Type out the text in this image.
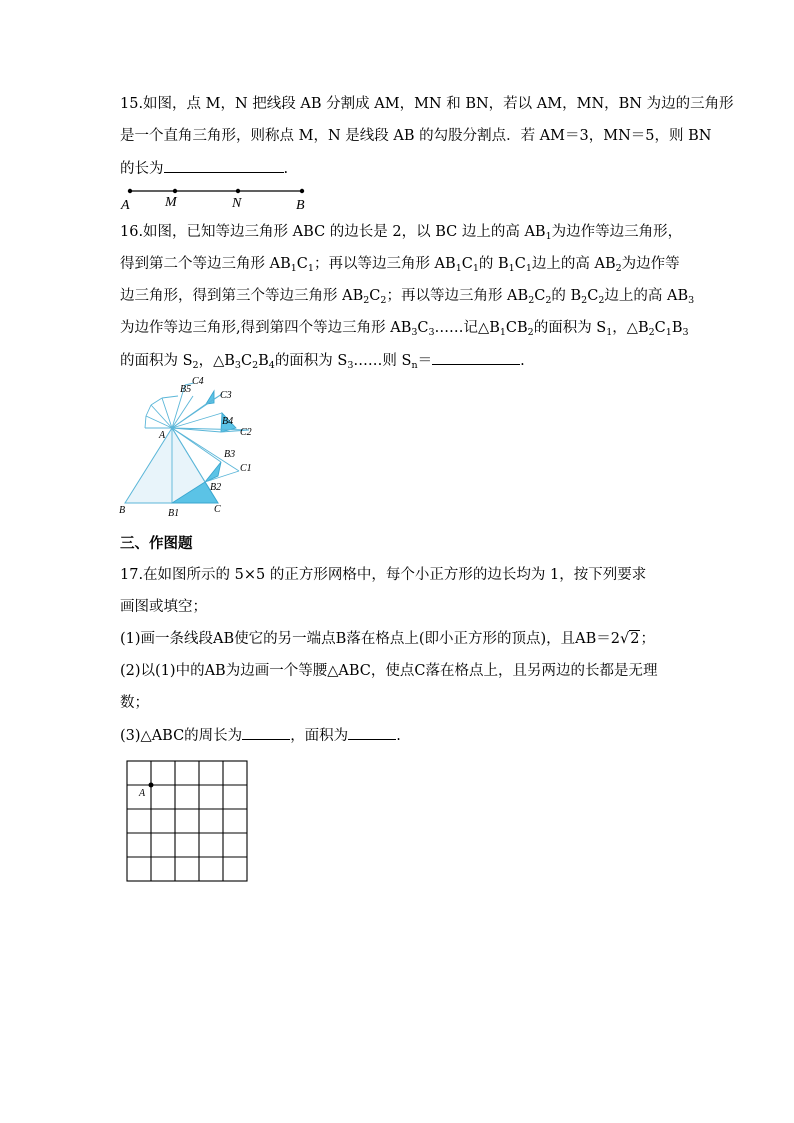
15.如图，点 M，N 把线段 AB 分割成 AM，MN 和 BN，若以 AM，MN，BN 为边的三角形
是一个直角三角形，则称点 M，N 是线段 AB 的勾股分割点．若 AM＝3，MN＝5，则 BN
的长为	.
A	M	N	B
16.如图，已知等边三角形 ABC 的边长是 2，以 BC 边上的高 $AB_1$为边作等边三角形，
得到第二个等边三角形 $AB_1C_1$；再以等边三角形 $AB_1C_1$的 $B_1C_1$边上的高 $AB_2$为边作等
边三角形，得到第三个等边三角形 $AB_2C_2$；再以等边三角形 $AB_2C_2$的 $B_2C_2$边上的高 $AB_3$
为边作等边三角形,得到第四个等边三角形 $AB_3C_3\dots\dots$记$\triangle B_1CB_2$的面积为 $S_1$，$\triangle B_2C_1B_3$
的面积为 $S_2$，$\triangle B_3C_2B_4$的面积为 $S_3\dots\dots$则 $S_n=$	.
B	B1	C
A
B2
C1
B3
C2
B4
C3
B5
C4
三、作图题
17.在如图所示的 5×5 的正方形网格中，每个小正方形的边长均为 1，按下列要求
画图或填空；
(1)画一条线段AB使它的另一端点B落在格点上(即小正方形的顶点)，且AB＝2√2；
(2)以(1)中的AB为边画一个等腰△ABC，使点C落在格点上，且另两边的长都是无理
数；
(3)△ABC的周长为	，面积为	.
A
